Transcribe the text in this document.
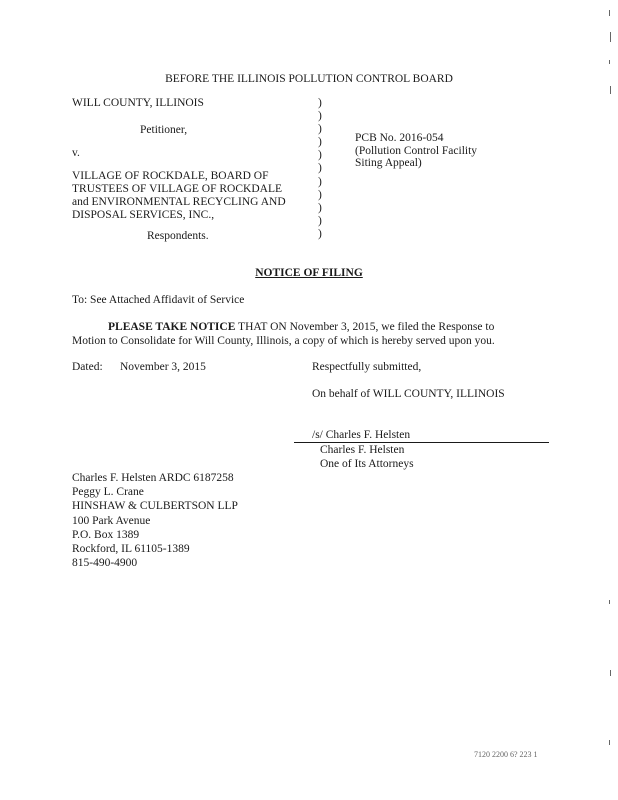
BEFORE THE ILLINOIS POLLUTION CONTROL BOARD
WILL COUNTY, ILLINOIS
Petitioner,
v.
VILLAGE OF ROCKDALE, BOARD OF
TRUSTEES OF VILLAGE OF ROCKDALE
and ENVIRONMENTAL RECYCLING AND
DISPOSAL SERVICES, INC.,
Respondents.
)
)
)
)
)
)
)
)
)
)
)
PCB No. 2016-054
(Pollution Control Facility
Siting Appeal)
NOTICE OF FILING
To: See Attached Affidavit of Service
PLEASE TAKE NOTICE THAT ON November 3, 2015, we filed the Response to
Motion to Consolidate for Will County, Illinois, a copy of which is hereby served upon you.
Dated: November 3, 2015	Respectfully submitted,
On behalf of WILL COUNTY, ILLINOIS
/s/ Charles F. Helsten
Charles F. Helsten
One of Its Attorneys
Charles F. Helsten ARDC 6187258
Peggy L. Crane
HINSHAW & CULBERTSON LLP
100 Park Avenue
P.O. Box 1389
Rockford, IL 61105-1389
815-490-4900
7120 2200 6? 223 1
